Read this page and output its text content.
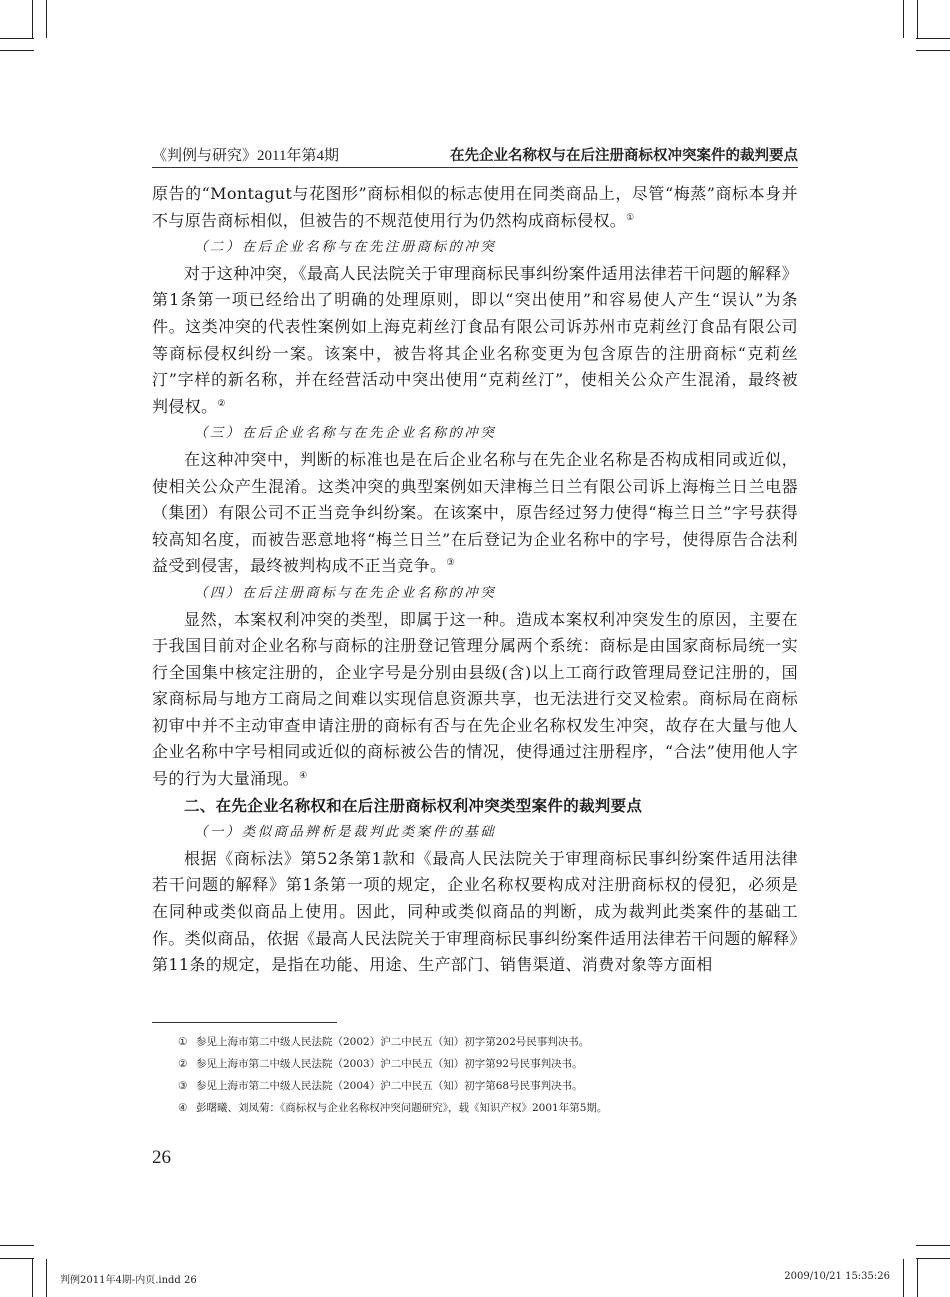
《判例与研究》2011年第4期	在先企业名称权与在后注册商标权冲突案件的裁判要点

原告的“Montagut与花图形”商标相似的标志使用在同类商品上，尽管“梅蒸”商标本身并不与原告商标相似，但被告的不规范使用行为仍然构成商标侵权。①

（二）在后企业名称与在先注册商标的冲突

对于这种冲突，《最高人民法院关于审理商标民事纠纷案件适用法律若干问题的解释》第1条第一项已经给出了明确的处理原则，即以“突出使用”和容易使人产生“误认”为条件。这类冲突的代表性案例如上海克莉丝汀食品有限公司诉苏州市克莉丝汀食品有限公司等商标侵权纠纷一案。该案中，被告将其企业名称变更为包含原告的注册商标“克莉丝汀”字样的新名称，并在经营活动中突出使用“克莉丝汀”，使相关公众产生混淆，最终被判侵权。②

（三）在后企业名称与在先企业名称的冲突

在这种冲突中，判断的标准也是在后企业名称与在先企业名称是否构成相同或近似，使相关公众产生混淆。这类冲突的典型案例如天津梅兰日兰有限公司诉上海梅兰日兰电器（集团）有限公司不正当竞争纠纷案。在该案中，原告经过努力使得“梅兰日兰”字号获得较高知名度，而被告恶意地将“梅兰日兰”在后登记为企业名称中的字号，使得原告合法利益受到侵害，最终被判构成不正当竞争。③

（四）在后注册商标与在先企业名称的冲突

显然，本案权利冲突的类型，即属于这一种。造成本案权利冲突发生的原因，主要在于我国目前对企业名称与商标的注册登记管理分属两个系统：商标是由国家商标局统一实行全国集中核定注册的，企业字号是分别由县级(含)以上工商行政管理局登记注册的，国家商标局与地方工商局之间难以实现信息资源共享，也无法进行交叉检索。商标局在商标初审中并不主动审查申请注册的商标有否与在先企业名称权发生冲突，故存在大量与他人企业名称中字号相同或近似的商标被公告的情况，使得通过注册程序，“合法”使用他人字号的行为大量涌现。④

二、在先企业名称权和在后注册商标权利冲突类型案件的裁判要点

（一）类似商品辨析是裁判此类案件的基础

根据《商标法》第52条第1款和《最高人民法院关于审理商标民事纠纷案件适用法律若干问题的解释》第1条第一项的规定，企业名称权要构成对注册商标权的侵犯，必须是在同种或类似商品上使用。因此，同种或类似商品的判断，成为裁判此类案件的基础工作。类似商品，依据《最高人民法院关于审理商标民事纠纷案件适用法律若干问题的解释》第11条的规定，是指在功能、用途、生产部门、销售渠道、消费对象等方面相

① 参见上海市第二中级人民法院（2002）沪二中民五（知）初字第202号民事判决书。
② 参见上海市第二中级人民法院（2003）沪二中民五（知）初字第92号民事判决书。
③ 参见上海市第二中级人民法院（2004）沪二中民五（知）初字第68号民事判决书。
④ 彭曙曦、刘凤菊：《商标权与企业名称权冲突问题研究》，载《知识产权》2001年第5期。
26
判例2011年4期-内页.indd 26	2009/10/21 15:35:26
